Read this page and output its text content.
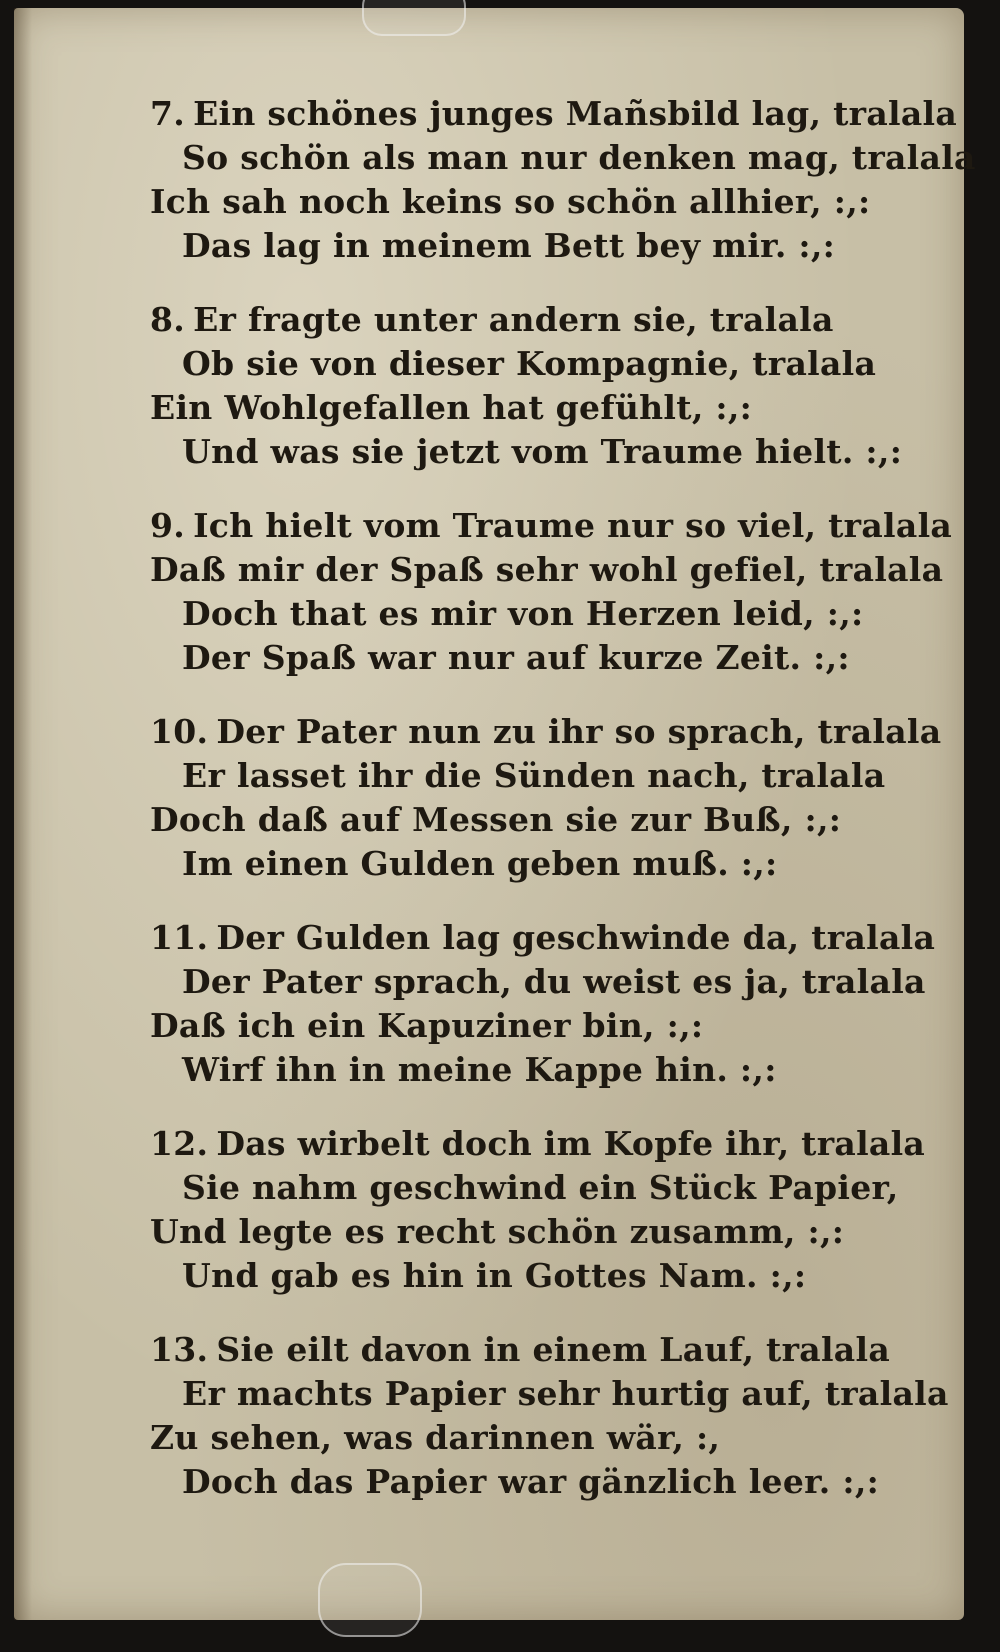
7. Ein schönes junges Mañsbild lag, tralala
So schön als man nur denken mag, tralala
Ich sah noch keins so schön allhier, :,:
Das lag in meinem Bett bey mir. :,:
8. Er fragte unter andern sie, tralala
Ob sie von dieser Kompagnie, tralala
Ein Wohlgefallen hat gefühlt, :,:
Und was sie jetzt vom Traume hielt. :,:
9. Ich hielt vom Traume nur so viel, tralala
Daß mir der Spaß sehr wohl gefiel, tralala
Doch that es mir von Herzen leid, :,:
Der Spaß war nur auf kurze Zeit. :,:
10. Der Pater nun zu ihr so sprach, tralala
Er lasset ihr die Sünden nach, tralala
Doch daß auf Messen sie zur Buß, :,:
Im einen Gulden geben muß. :,:
11. Der Gulden lag geschwinde da, tralala
Der Pater sprach, du weist es ja, tralala
Daß ich ein Kapuziner bin, :,:
Wirf ihn in meine Kappe hin. :,:
12. Das wirbelt doch im Kopfe ihr, tralala
Sie nahm geschwind ein Stück Papier,
Und legte es recht schön zusamm, :,:
Und gab es hin in Gottes Nam. :,:
13. Sie eilt davon in einem Lauf, tralala
Er machts Papier sehr hurtig auf, tralala
Zu sehen, was darinnen wär, :,
Doch das Papier war gänzlich leer. :,:
